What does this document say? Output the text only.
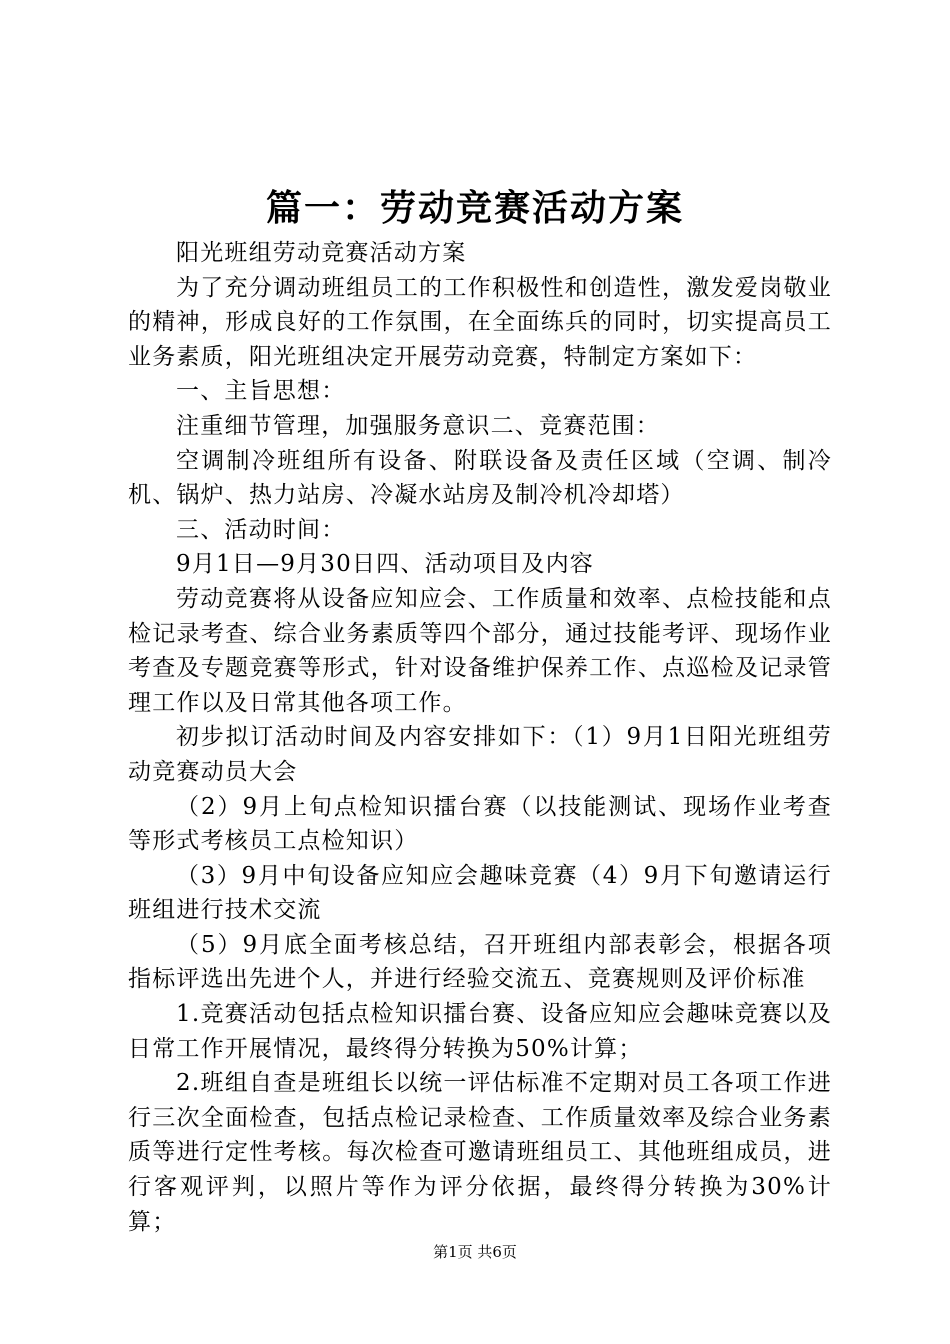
篇一：劳动竞赛活动方案

阳光班组劳动竞赛活动方案

为了充分调动班组员工的工作积极性和创造性，激发爱岗敬业的精神，形成良好的工作氛围，在全面练兵的同时，切实提高员工业务素质，阳光班组决定开展劳动竞赛，特制定方案如下：

一、主旨思想：

注重细节管理，加强服务意识二、竞赛范围：

空调制冷班组所有设备、附联设备及责任区域（空调、制冷机、锅炉、热力站房、冷凝水站房及制冷机冷却塔）

三、活动时间：

9月1日—9月30日四、活动项目及内容

劳动竞赛将从设备应知应会、工作质量和效率、点检技能和点检记录考查、综合业务素质等四个部分，通过技能考评、现场作业考查及专题竞赛等形式，针对设备维护保养工作、点巡检及记录管理工作以及日常其他各项工作。

初步拟订活动时间及内容安排如下：（1）9月1日阳光班组劳动竞赛动员大会

（2）9月上旬点检知识擂台赛（以技能测试、现场作业考查等形式考核员工点检知识）

（3）9月中旬设备应知应会趣味竞赛（4）9月下旬邀请运行班组进行技术交流

（5）9月底全面考核总结，召开班组内部表彰会，根据各项指标评选出先进个人，并进行经验交流五、竞赛规则及评价标准

1.竞赛活动包括点检知识擂台赛、设备应知应会趣味竞赛以及日常工作开展情况，最终得分转换为50%计算；

2.班组自查是班组长以统一评估标准不定期对员工各项工作进行三次全面检查，包括点检记录检查、工作质量效率及综合业务素质等进行定性考核。每次检查可邀请班组员工、其他班组成员，进行客观评判，以照片等作为评分依据，最终得分转换为30%计算；

第1页 共6页
